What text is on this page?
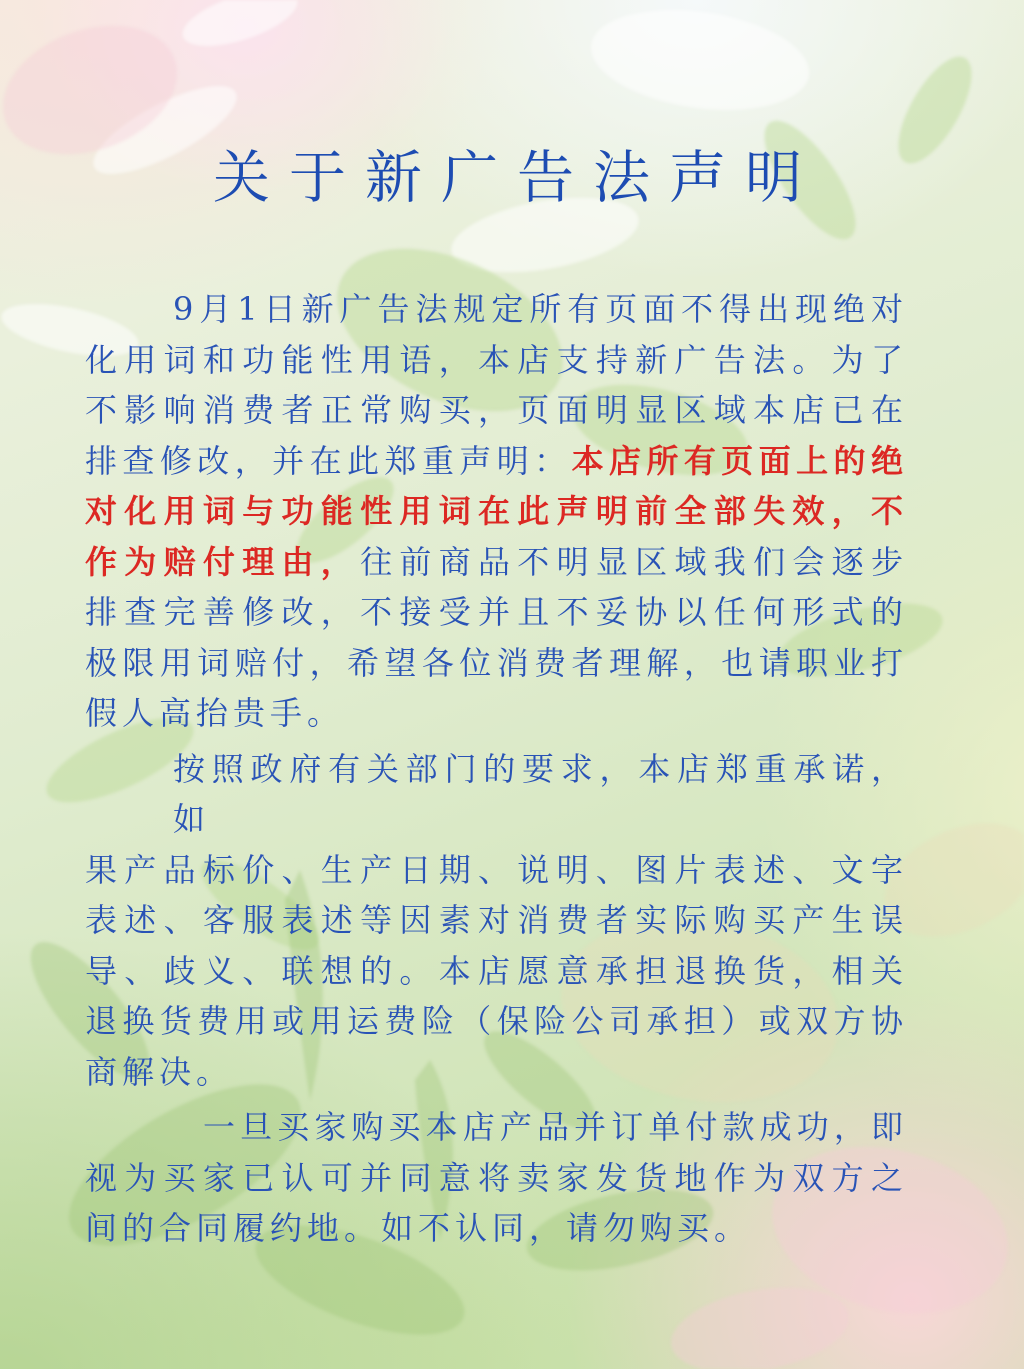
关于新广告法声明
9月1日新广告法规定所有页面不得出现绝对
化用词和功能性用语，本店支持新广告法。为了
不影响消费者正常购买，页面明显区域本店已在
排查修改，并在此郑重声明：本店所有页面上的绝
对化用词与功能性用词在此声明前全部失效，不
作为赔付理由，往前商品不明显区域我们会逐步
排查完善修改，不接受并且不妥协以任何形式的
极限用词赔付，希望各位消费者理解，也请职业打
假人高抬贵手。
按照政府有关部门的要求，本店郑重承诺，如
果产品标价、生产日期、说明、图片表述、文字
表述、客服表述等因素对消费者实际购买产生误
导、歧义、联想的。本店愿意承担退换货，相关
退换货费用或用运费险（保险公司承担）或双方协
商解决。
一旦买家购买本店产品并订单付款成功，即
视为买家已认可并同意将卖家发货地作为双方之
间的合同履约地。如不认同，请勿购买。
